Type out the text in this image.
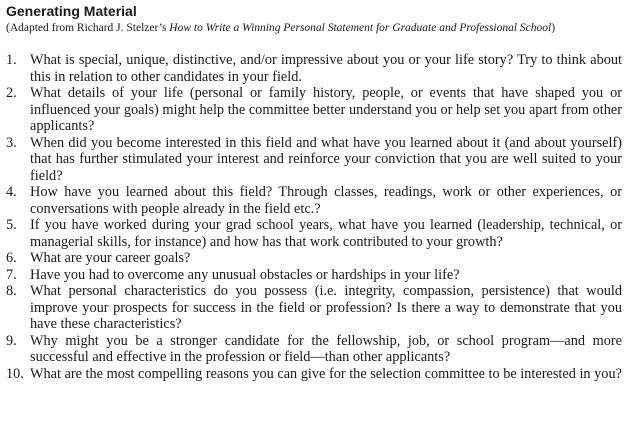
Generating Material

(Adapted from Richard J. Stelzer’s How to Write a Winning Personal Statement for Graduate and Professional School)

1. What is special, unique, distinctive, and/or impressive about you or your life story? Try to think about this in relation to other candidates in your field.
2. What details of your life (personal or family history, people, or events that have shaped you or influenced your goals) might help the committee better understand you or help set you apart from other applicants?
3. When did you become interested in this field and what have you learned about it (and about yourself) that has further stimulated your interest and reinforce your conviction that you are well suited to your field?
4. How have you learned about this field? Through classes, readings, work or other experiences, or conversations with people already in the field etc.?
5. If you have worked during your grad school years, what have you learned (leadership, technical, or managerial skills, for instance) and how has that work contributed to your growth?
6. What are your career goals?
7. Have you had to overcome any unusual obstacles or hardships in your life?
8. What personal characteristics do you possess (i.e. integrity, compassion, persistence) that would improve your prospects for success in the field or profession? Is there a way to demonstrate that you have these characteristics?
9. Why might you be a stronger candidate for the fellowship, job, or school program—and more successful and effective in the profession or field—than other applicants?
10. What are the most compelling reasons you can give for the selection committee to be interested in you?
